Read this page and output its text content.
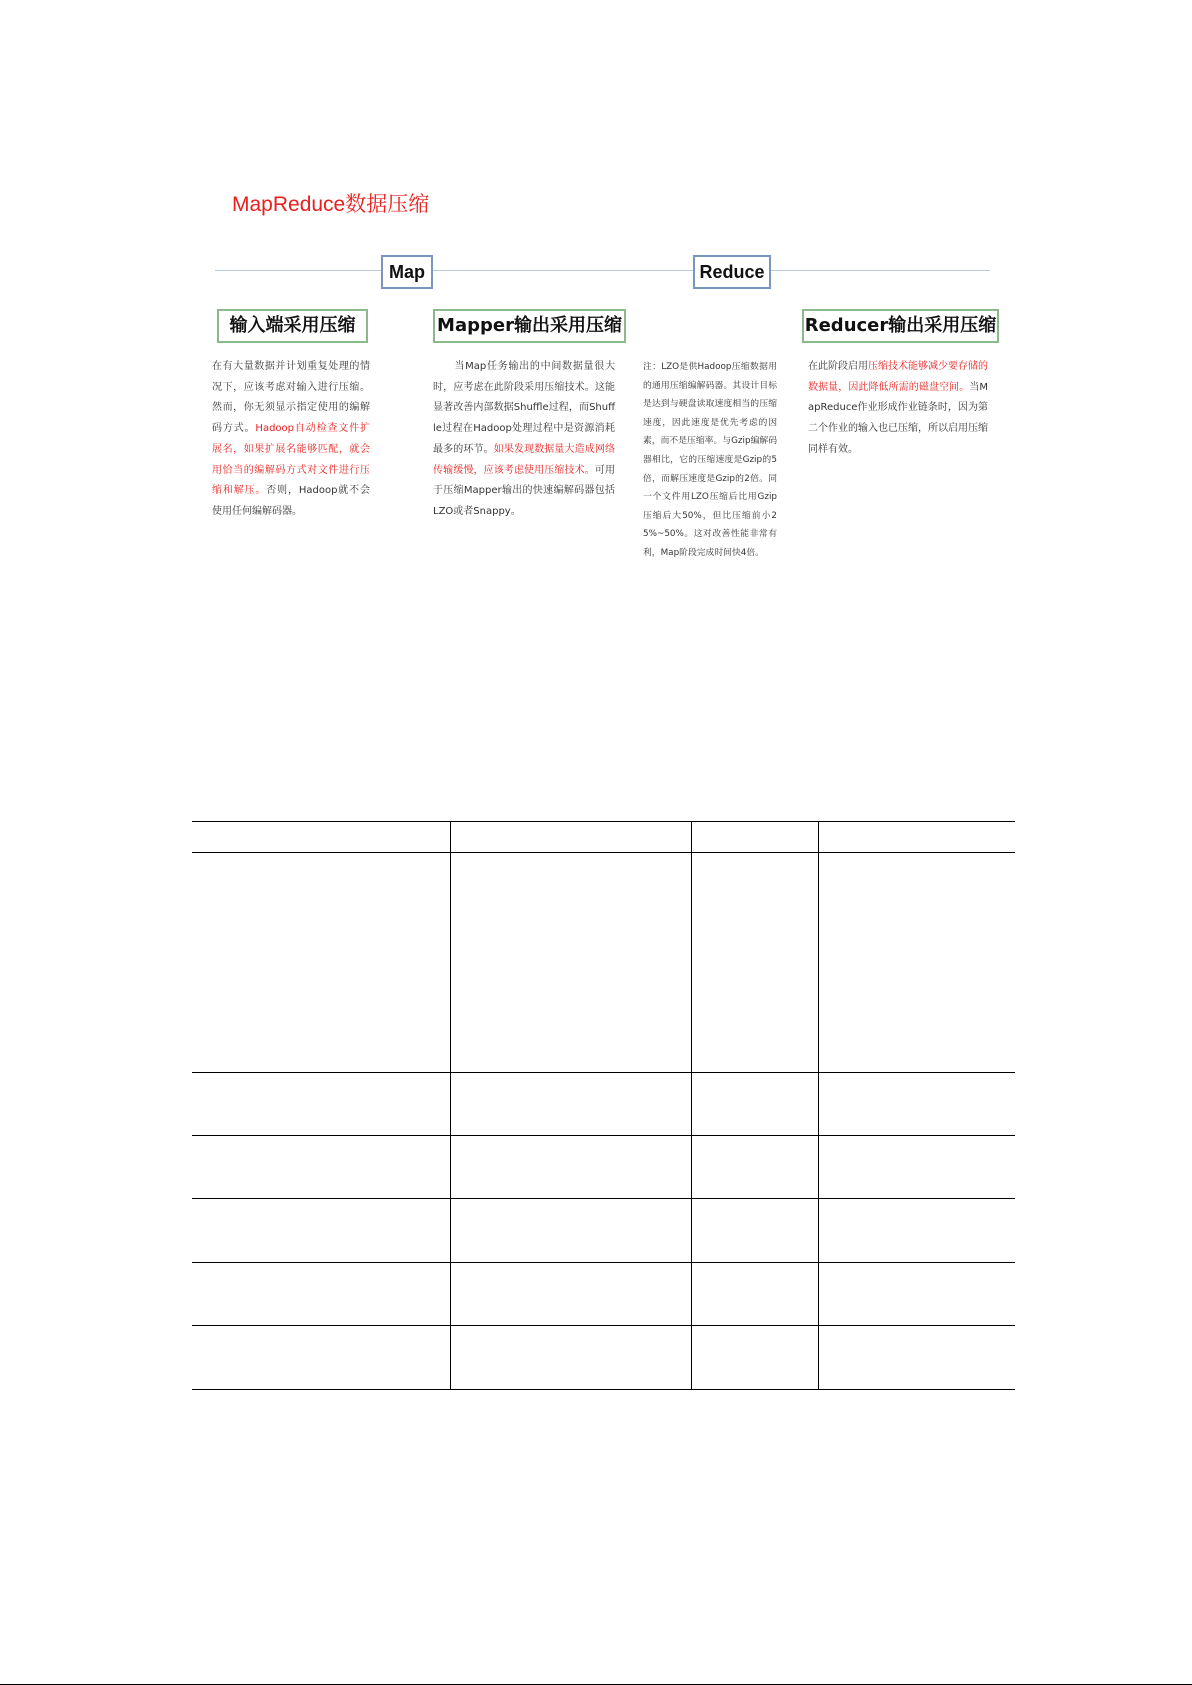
MapReduce数据压缩
Map	Reduce
输入端采用压缩	Mapper输出采用压缩	Reducer输出采用压缩
在有大量数据并计划重复处理的情况下，应该考虑对输入进行压缩。然而，你无须显示指定使用的编解码方式。Hadoop自动检查文件扩展名，如果扩展名能够匹配，就会用恰当的编解码方式对文件进行压缩和解压。否则，Hadoop就不会使用任何编解码器。
　　当Map任务输出的中间数据量很大时，应考虑在此阶段采用压缩技术。这能显著改善内部数据Shuffle过程，而Shuffle过程在Hadoop处理过程中是资源消耗最多的环节。如果发现数据量大造成网络传输缓慢，应该考虑使用压缩技术。可用于压缩Mapper输出的快速编解码器包括LZO或者Snappy。
注：LZO是供Hadoop压缩数据用的通用压缩编解码器。其设计目标是达到与硬盘读取速度相当的压缩速度，因此速度是优先考虑的因素，而不是压缩率。与Gzip编解码器相比，它的压缩速度是Gzip的5倍，而解压速度是Gzip的2倍。同一个文件用LZO压缩后比用Gzip压缩后大50%，但比压缩前小25%~50%。这对改善性能非常有利，Map阶段完成时间快4倍。
在此阶段启用压缩技术能够减少要存储的数据量，因此降低所需的磁盘空间。当MapReduce作业形成作业链条时，因为第二个作业的输入也已压缩，所以启用压缩同样有效。
